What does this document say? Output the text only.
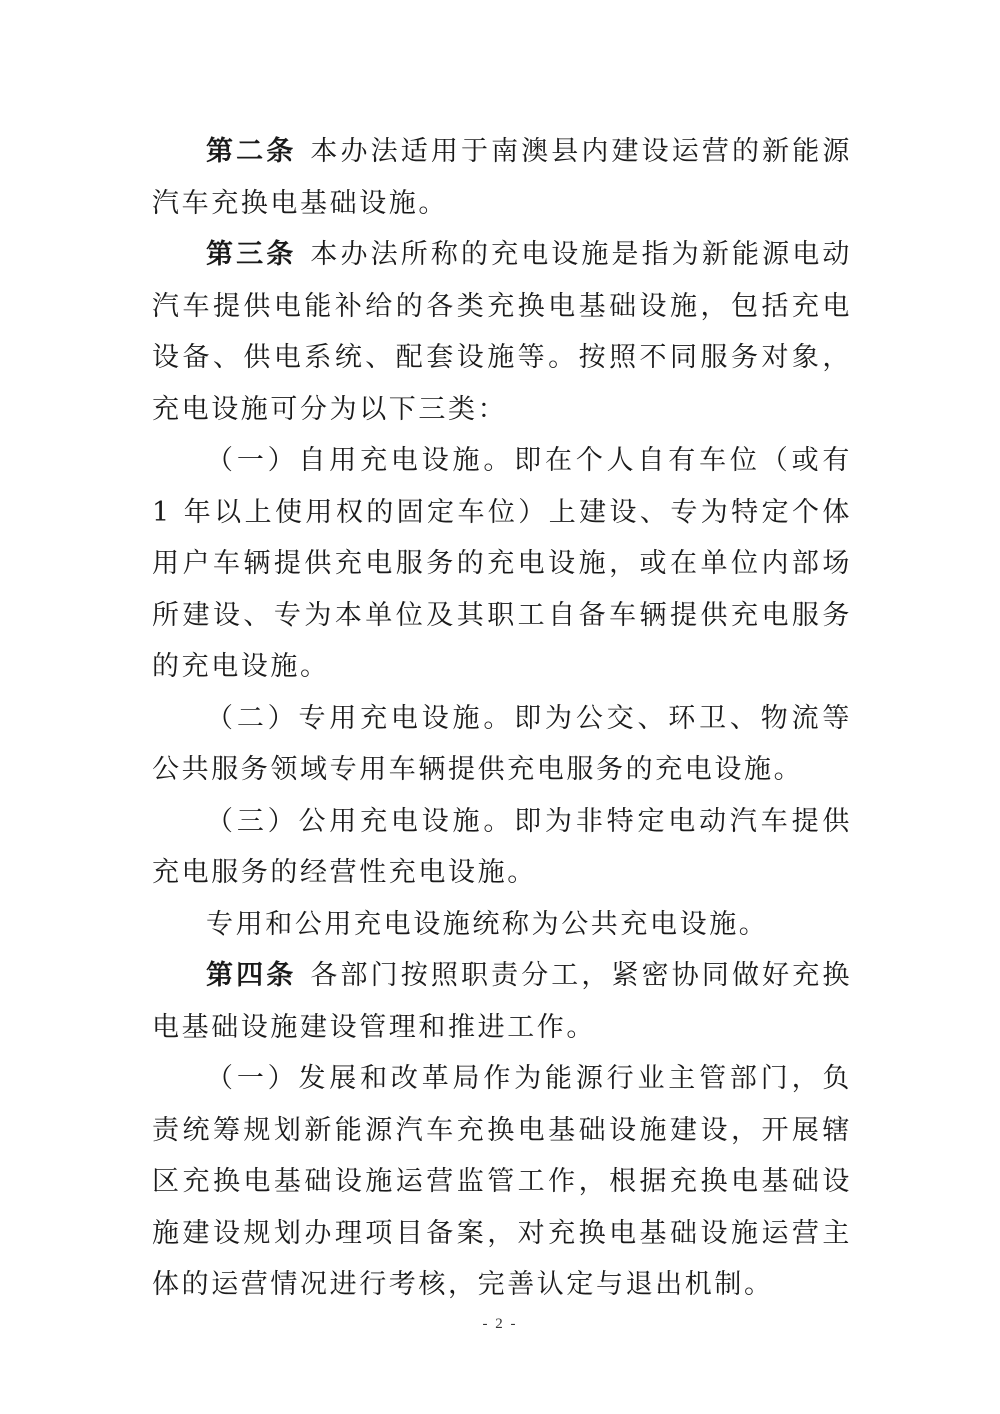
第二条 本办法适用于南澳县内建设运营的新能源汽车充换电基础设施。

第三条 本办法所称的充电设施是指为新能源电动汽车提供电能补给的各类充换电基础设施，包括充电设备、供电系统、配套设施等。按照不同服务对象，充电设施可分为以下三类：

（一）自用充电设施。即在个人自有车位（或有 1 年以上使用权的固定车位）上建设、专为特定个体用户车辆提供充电服务的充电设施，或在单位内部场所建设、专为本单位及其职工自备车辆提供充电服务的充电设施。

（二）专用充电设施。即为公交、环卫、物流等公共服务领域专用车辆提供充电服务的充电设施。

（三）公用充电设施。即为非特定电动汽车提供充电服务的经营性充电设施。

专用和公用充电设施统称为公共充电设施。

第四条 各部门按照职责分工，紧密协同做好充换电基础设施建设管理和推进工作。

（一）发展和改革局作为能源行业主管部门，负责统筹规划新能源汽车充换电基础设施建设，开展辖区充换电基础设施运营监管工作，根据充换电基础设施建设规划办理项目备案，对充换电基础设施运营主体的运营情况进行考核，完善认定与退出机制。

- 2 -
